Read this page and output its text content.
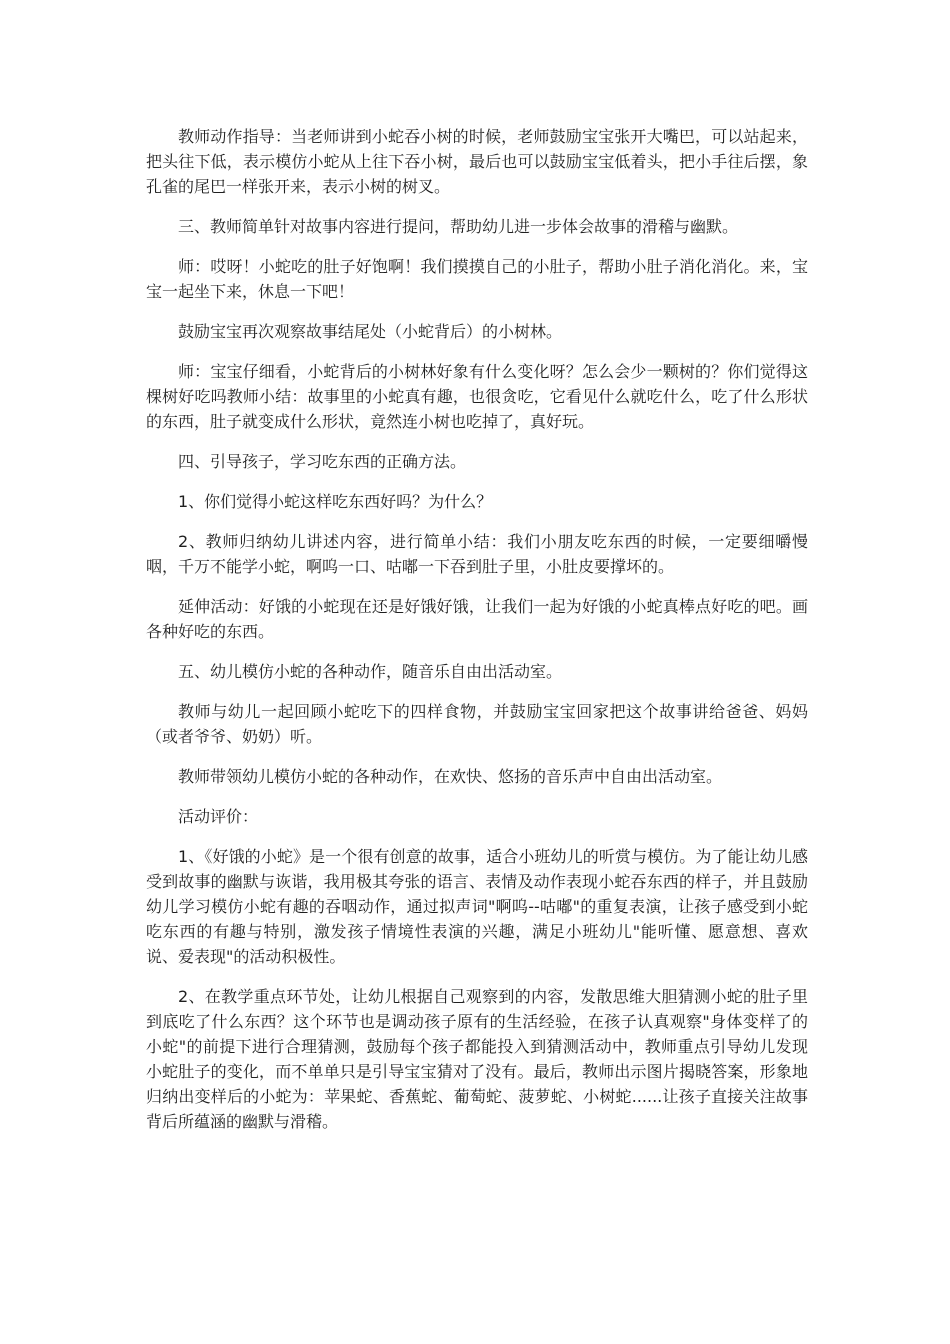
教师动作指导：当老师讲到小蛇吞小树的时候，老师鼓励宝宝张开大嘴巴，可以站起来，把头往下低，表示模仿小蛇从上往下吞小树，最后也可以鼓励宝宝低着头，把小手往后摆，象孔雀的尾巴一样张开来，表示小树的树叉。

三、教师简单针对故事内容进行提问，帮助幼儿进一步体会故事的滑稽与幽默。

师：哎呀！小蛇吃的肚子好饱啊！我们摸摸自己的小肚子，帮助小肚子消化消化。来，宝宝一起坐下来，休息一下吧！

鼓励宝宝再次观察故事结尾处（小蛇背后）的小树林。

师：宝宝仔细看，小蛇背后的小树林好象有什么变化呀？怎么会少一颗树的？你们觉得这棵树好吃吗教师小结：故事里的小蛇真有趣，也很贪吃，它看见什么就吃什么，吃了什么形状的东西，肚子就变成什么形状，竟然连小树也吃掉了，真好玩。

四、引导孩子，学习吃东西的正确方法。

1、你们觉得小蛇这样吃东西好吗？为什么？

2、教师归纳幼儿讲述内容，进行简单小结：我们小朋友吃东西的时候，一定要细嚼慢咽，千万不能学小蛇，啊呜一口、咕嘟一下吞到肚子里，小肚皮要撑坏的。

延伸活动：好饿的小蛇现在还是好饿好饿，让我们一起为好饿的小蛇真棒点好吃的吧。画各种好吃的东西。

五、幼儿模仿小蛇的各种动作，随音乐自由出活动室。

教师与幼儿一起回顾小蛇吃下的四样食物，并鼓励宝宝回家把这个故事讲给爸爸、妈妈（或者爷爷、奶奶）听。

教师带领幼儿模仿小蛇的各种动作，在欢快、悠扬的音乐声中自由出活动室。

活动评价：

1、《好饿的小蛇》是一个很有创意的故事，适合小班幼儿的听赏与模仿。为了能让幼儿感受到故事的幽默与诙谐，我用极其夸张的语言、表情及动作表现小蛇吞东西的样子，并且鼓励幼儿学习模仿小蛇有趣的吞咽动作，通过拟声词"啊呜--咕嘟"的重复表演，让孩子感受到小蛇吃东西的有趣与特别，激发孩子情境性表演的兴趣，满足小班幼儿"能听懂、愿意想、喜欢说、爱表现"的活动积极性。

2、在教学重点环节处，让幼儿根据自己观察到的内容，发散思维大胆猜测小蛇的肚子里到底吃了什么东西？这个环节也是调动孩子原有的生活经验，在孩子认真观察"身体变样了的小蛇"的前提下进行合理猜测，鼓励每个孩子都能投入到猜测活动中，教师重点引导幼儿发现小蛇肚子的变化，而不单单只是引导宝宝猜对了没有。最后，教师出示图片揭晓答案，形象地归纳出变样后的小蛇为：苹果蛇、香蕉蛇、葡萄蛇、菠萝蛇、小树蛇......让孩子直接关注故事背后所蕴涵的幽默与滑稽。
